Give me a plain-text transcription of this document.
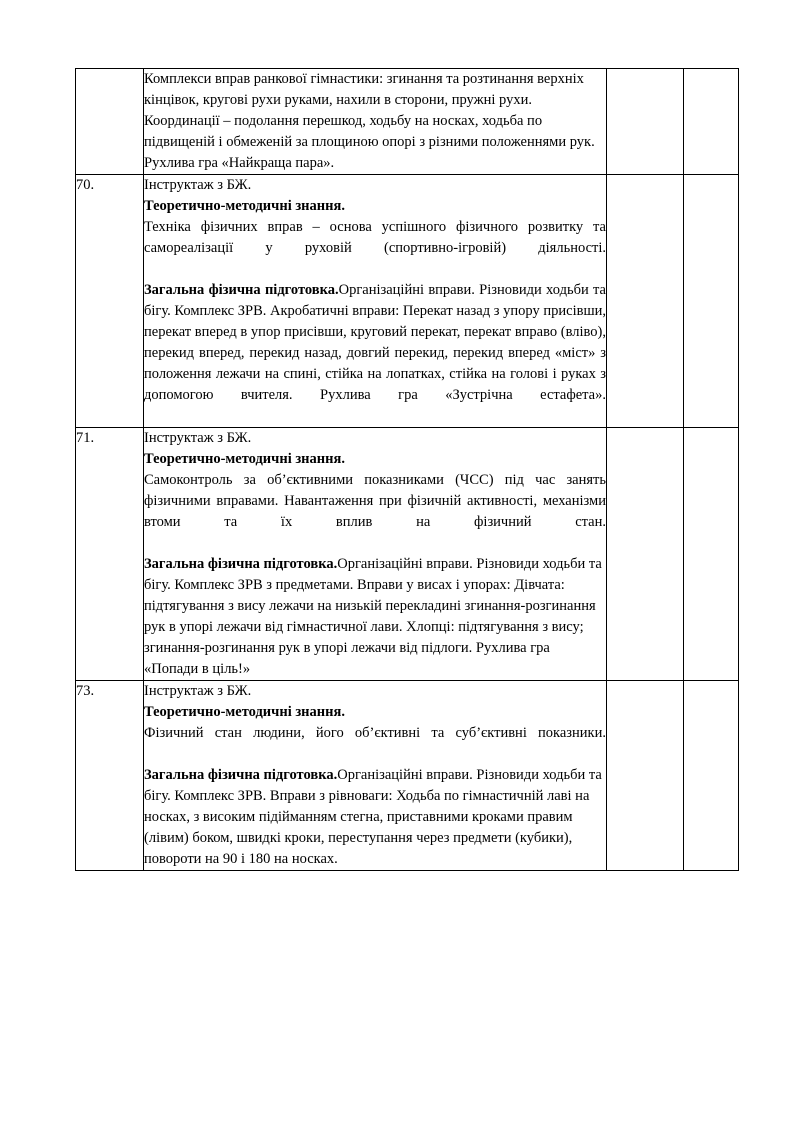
	Комплекси вправ ранкової гімнастики: згинання та розтинання верхніх кінцівок, кругові рухи руками, нахили в сторони, пружні рухи. Координації – подолання перешкод, ходьбу на носках, ходьба по підвищеній і обмеженій за площиною опорі з різними положеннями рук. Рухлива гра «Найкраща пара».		

70.	Інструктаж з БЖ.

Теоретично-методичні знання.

Техніка фізичних вправ – основа успішного фізичного розвитку та самореалізації у руховій (спортивно-ігровій) діяльності.

Загальна фізична підготовка.Організаційні вправи. Різновиди ходьби та бігу. Комплекс ЗРВ. Акробатичні вправи: Перекат назад з упору присівши, перекат вперед в упор присівши, круговий перекат, перекат вправо (вліво), перекид вперед, перекид назад, довгий перекид, перекид вперед «міст» з положення лежачи на спині, стійка на лопатках, стійка на голові і руках з допомогою вчителя. Рухлива гра «Зустрічна естафета».		

71.	Інструктаж з БЖ.

Теоретично-методичні знання.

Самоконтроль за об’єктивними показниками (ЧСС) під час занять фізичними вправами. Навантаження при фізичній активності, механізми втоми та їх вплив на фізичний стан.

Загальна фізична підготовка.Організаційні вправи. Різновиди ходьби та бігу. Комплекс ЗРВ з предметами. Вправи у висах і упорах: Дівчата: підтягування з вису лежачи на низькій перекладині згинання-розгинання рук в упорі лежачи від гімнастичної лави. Хлопці: підтягування з вису; згинання-розгинання рук в упорі лежачи від підлоги. Рухлива гра «Попади в ціль!»		

73.	Інструктаж з БЖ.

Теоретично-методичні знання.

Фізичний стан людини, його об’єктивні та суб’єктивні показники.

Загальна фізична підготовка.Організаційні вправи. Різновиди ходьби та бігу. Комплекс ЗРВ. Вправи з рівноваги: Ходьба по гімнастичній лаві на носках, з високим підійманням стегна, приставними кроками правим (лівим) боком, швидкі кроки, переступання через предмети (кубики), повороти на 90 і 180 на носках.		
